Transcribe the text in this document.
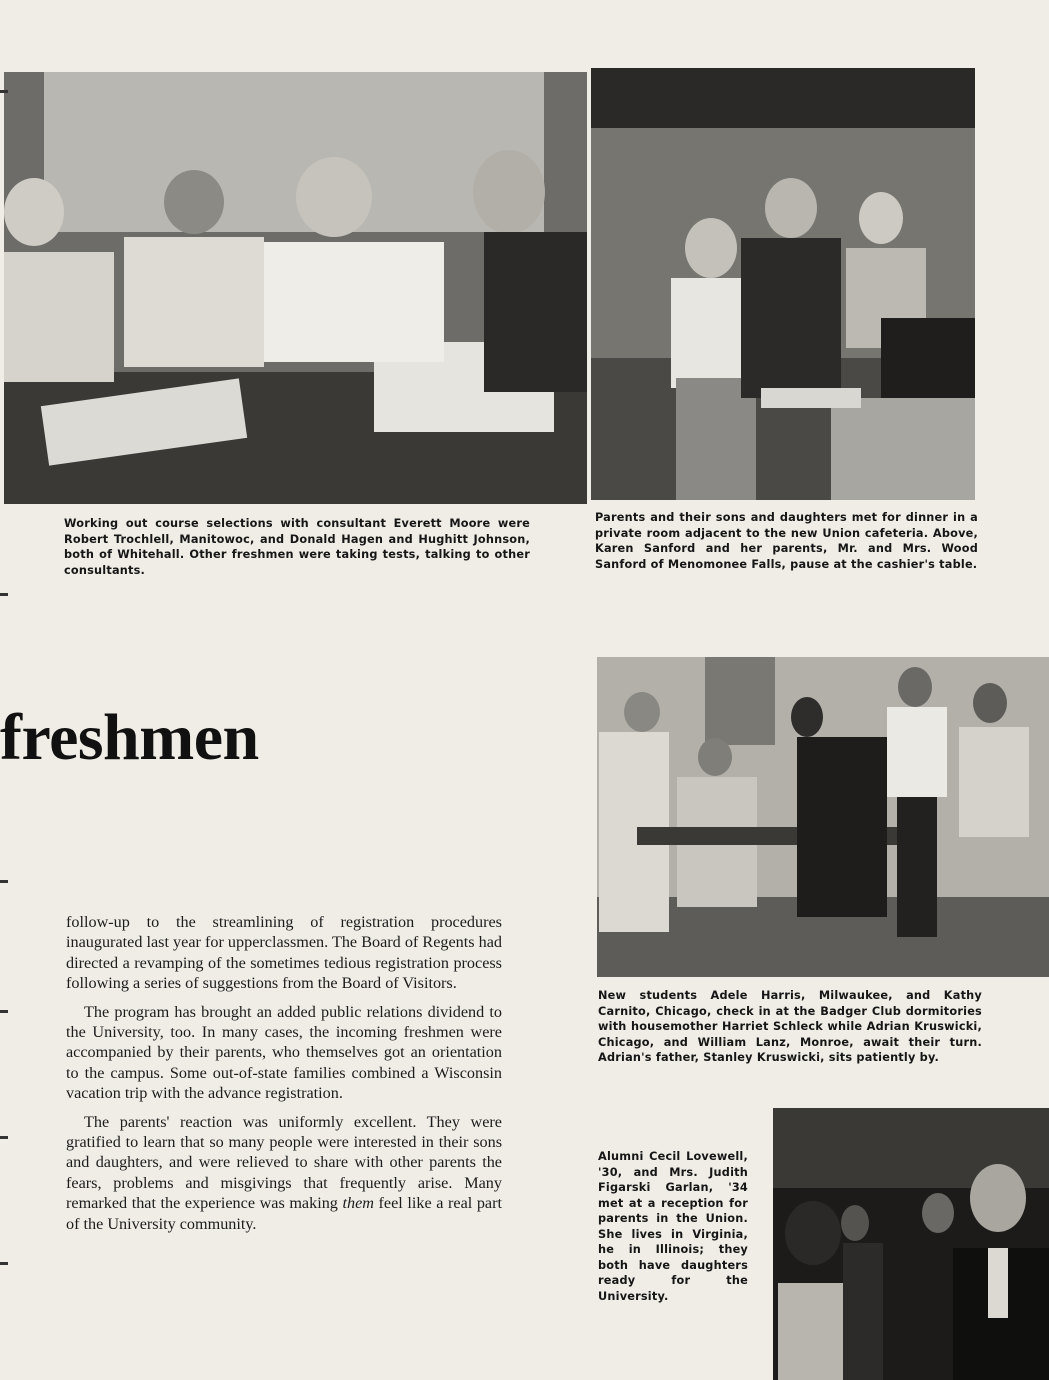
Working out course selections with consultant Everett Moore were Robert Trochlell, Manitowoc, and Donald Hagen and Hughitt Johnson, both of Whitehall. Other freshmen were taking tests, talking to other consultants.
Parents and their sons and daughters met for dinner in a private room adjacent to the new Union cafeteria. Above, Karen Sanford and her parents, Mr. and Mrs. Wood Sanford of Menomonee Falls, pause at the cashier's table.

freshmen
New students Adele Harris, Milwaukee, and Kathy Carnito, Chicago, check in at the Badger Club dormitories with housemother Harriet Schleck while Adrian Kruswicki, Chicago, and William Lanz, Monroe, await their turn. Adrian's father, Stanley Kruswicki, sits patiently by.

follow-up to the streamlining of registration procedures inaugurated last year for upperclassmen. The Board of Regents had directed a revamping of the sometimes tedious registration process following a series of suggestions from the Board of Visitors.

The program has brought an added public relations dividend to the University, too. In many cases, the incoming freshmen were accompanied by their parents, who themselves got an orientation to the campus. Some out-of-state families combined a Wisconsin vacation trip with the advance registration.

The parents' reaction was uniformly excellent. They were gratified to learn that so many people were interested in their sons and daughters, and were relieved to share with other parents the fears, problems and misgivings that frequently arise. Many remarked that the experience was making them feel like a real part of the University community.

Alumni Cecil Lovewell, '30, and Mrs. Judith Figarski Garlan, '34 met at a reception for parents in the Union. She lives in Virginia, he in Illinois; they both have daughters ready for the University.
